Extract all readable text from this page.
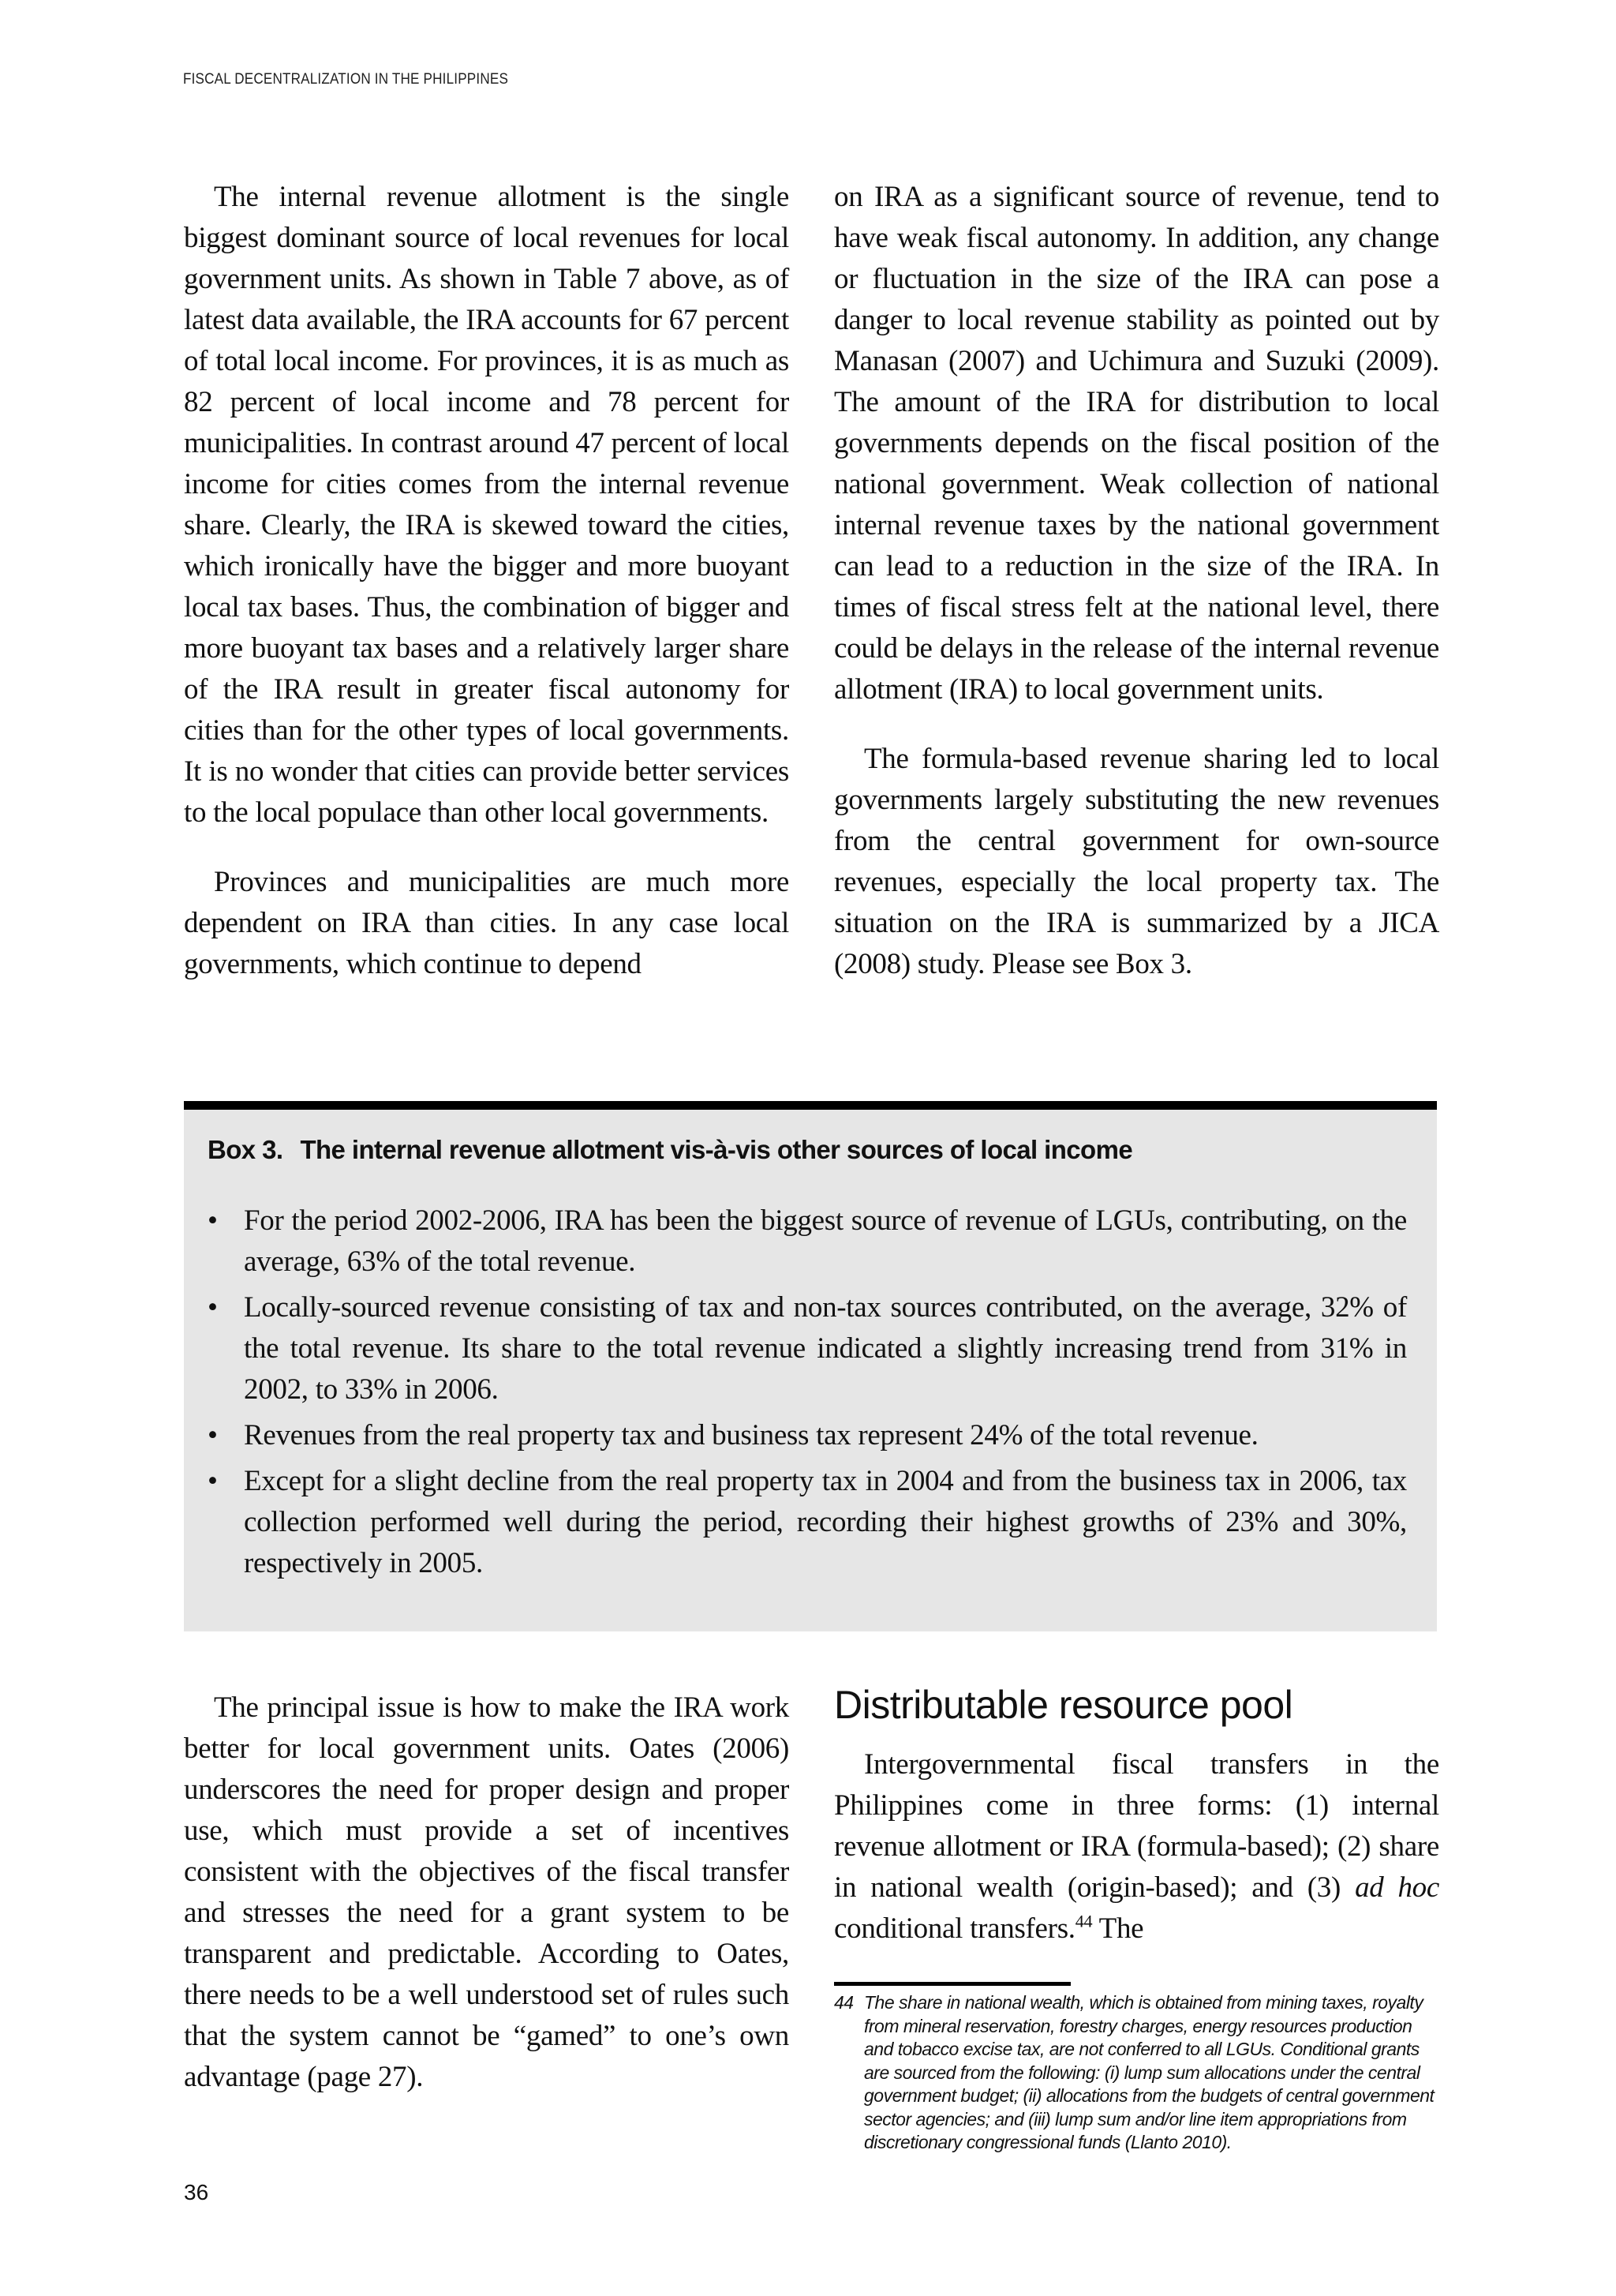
FISCAL DECENTRALIZATION IN THE PHILIPPINES

The internal revenue allotment is the single biggest dominant source of local revenues for local government units. As shown in Table 7 above, as of latest data available, the IRA accounts for 67 percent of total local income. For provinces, it is as much as 82 percent of local income and 78 percent for municipalities. In contrast around 47 percent of local income for cities comes from the internal revenue share. Clearly, the IRA is skewed toward the cities, which ironically have the bigger and more buoyant local tax bases. Thus, the combination of bigger and more buoyant tax bases and a relatively larger share of the IRA result in greater fiscal autonomy for cities than for the other types of local governments. It is no wonder that cities can provide better services to the local populace than other local governments.

Provinces and municipalities are much more dependent on IRA than cities. In any case local governments, which continue to depend

on IRA as a significant source of revenue, tend to have weak fiscal autonomy. In addition, any change or fluctuation in the size of the IRA can pose a danger to local revenue stability as pointed out by Manasan (2007) and Uchimura and Suzuki (2009). The amount of the IRA for distribution to local governments depends on the fiscal position of the national government. Weak collection of national internal revenue taxes by the national government can lead to a reduction in the size of the IRA. In times of fiscal stress felt at the national level, there could be delays in the release of the internal revenue allotment (IRA) to local government units.

The formula-based revenue sharing led to local governments largely substituting the new revenues from the central government for own-source revenues, especially the local property tax. The situation on the IRA is summarized by a JICA (2008) study. Please see Box 3.

Box 3. The internal revenue allotment vis-à-vis other sources of local income
• For the period 2002-2006, IRA has been the biggest source of revenue of LGUs, contributing, on the average, 63% of the total revenue.
• Locally-sourced revenue consisting of tax and non-tax sources contributed, on the average, 32% of the total revenue. Its share to the total revenue indicated a slightly increasing trend from 31% in 2002, to 33% in 2006.
• Revenues from the real property tax and business tax represent 24% of the total revenue.
• Except for a slight decline from the real property tax in 2004 and from the business tax in 2006, tax collection performed well during the period, recording their highest growths of 23% and 30%, respectively in 2005.

The principal issue is how to make the IRA work better for local government units. Oates (2006) underscores the need for proper design and proper use, which must provide a set of incentives consistent with the objectives of the fiscal transfer and stresses the need for a grant system to be transparent and predictable. According to Oates, there needs to be a well understood set of rules such that the system cannot be “gamed” to one’s own advantage (page 27).

Distributable resource pool

Intergovernmental fiscal transfers in the Philippines come in three forms: (1) internal revenue allotment or IRA (formula-based); (2) share in national wealth (origin-based); and (3) ad hoc conditional transfers.$^{44}$ The

44 The share in national wealth, which is obtained from mining taxes, royalty from mineral reservation, forestry charges, energy resources production and tobacco excise tax, are not conferred to all LGUs. Conditional grants are sourced from the following: (i) lump sum allocations under the central government budget; (ii) allocations from the budgets of central government sector agencies; and (iii) lump sum and/or line item appropriations from discretionary congressional funds (Llanto 2010).
36
